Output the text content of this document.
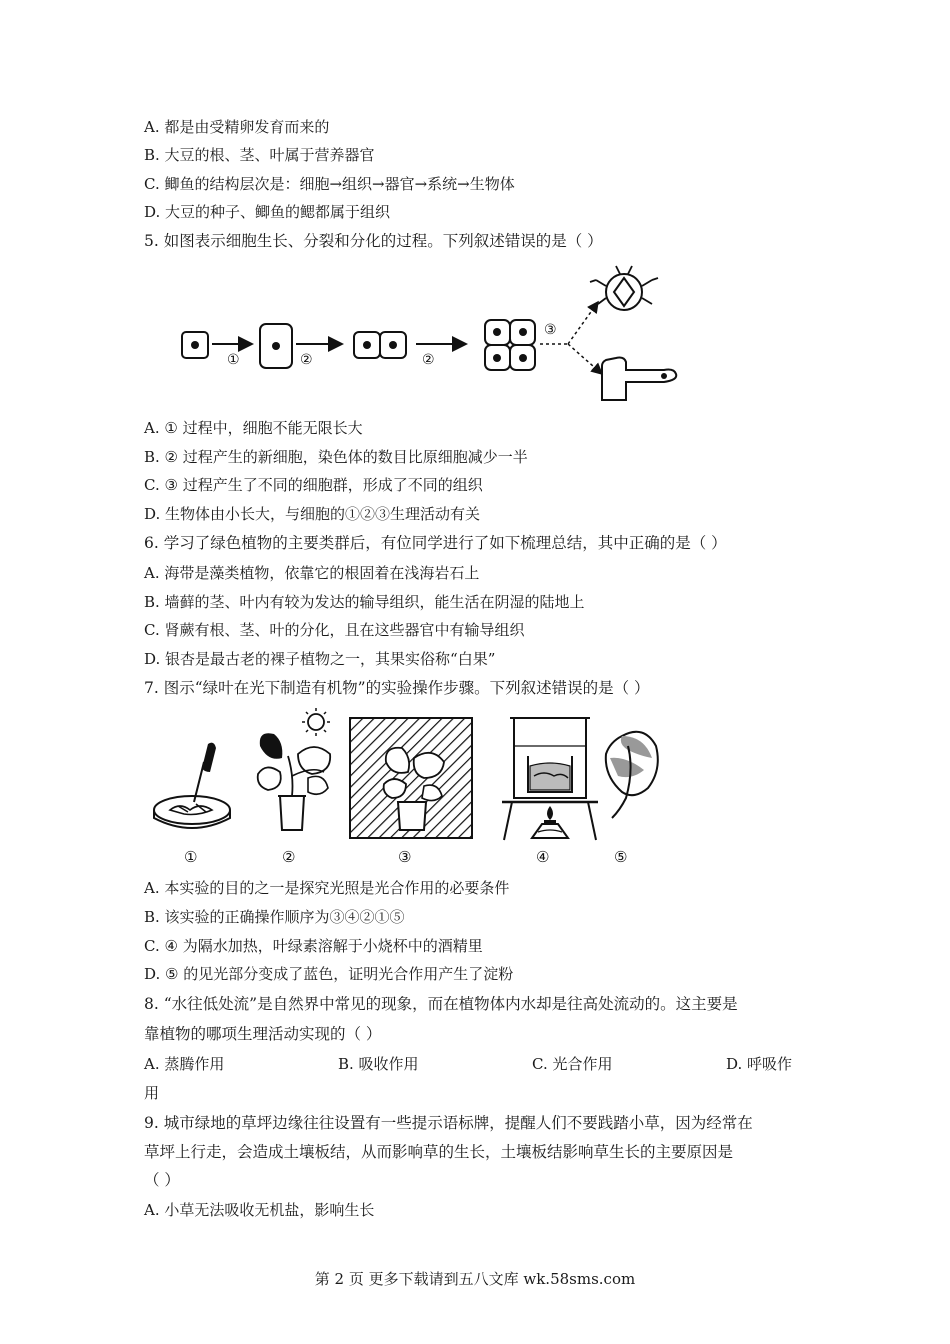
A. 都是由受精卵发育而来的
B. 大豆的根、茎、叶属于营养器官
C. 鲫鱼的结构层次是：细胞→组织→器官→系统→生物体
D. 大豆的种子、鲫鱼的鳃都属于组织
5. 如图表示细胞生长、分裂和分化的过程。下列叙述错误的是（ ）
①	②	②
③
A. ① 过程中，细胞不能无限长大
B. ② 过程产生的新细胞，染色体的数目比原细胞减少一半
C. ③ 过程产生了不同的细胞群，形成了不同的组织
D. 生物体由小长大，与细胞的①②③生理活动有关
6. 学习了绿色植物的主要类群后，有位同学进行了如下梳理总结，其中正确的是（ ）
A. 海带是藻类植物，依靠它的根固着在浅海岩石上
B. 墙藓的茎、叶内有较为发达的输导组织，能生活在阴湿的陆地上
C. 肾蕨有根、茎、叶的分化，且在这些器官中有输导组织
D. 银杏是最古老的裸子植物之一，其果实俗称“白果”
7. 图示“绿叶在光下制造有机物”的实验操作步骤。下列叙述错误的是（ ）
①	②	③	④	⑤
A. 本实验的目的之一是探究光照是光合作用的必要条件
B. 该实验的正确操作顺序为③④②①⑤
C. ④ 为隔水加热，叶绿素溶解于小烧杯中的酒精里
D. ⑤ 的见光部分变成了蓝色，证明光合作用产生了淀粉
8. “水往低处流”是自然界中常见的现象，而在植物体内水却是往高处流动的。这主要是
靠植物的哪项生理活动实现的（ ）
A. 蒸腾作用	B. 吸收作用	C. 光合作用	D. 呼吸作
用
9. 城市绿地的草坪边缘往往设置有一些提示语标牌，提醒人们不要践踏小草，因为经常在
草坪上行走，会造成土壤板结，从而影响草的生长，土壤板结影响草生长的主要原因是
（ ）
A. 小草无法吸收无机盐，影响生长
第 2 页 更多下载请到五八文库 wk.58sms.com
